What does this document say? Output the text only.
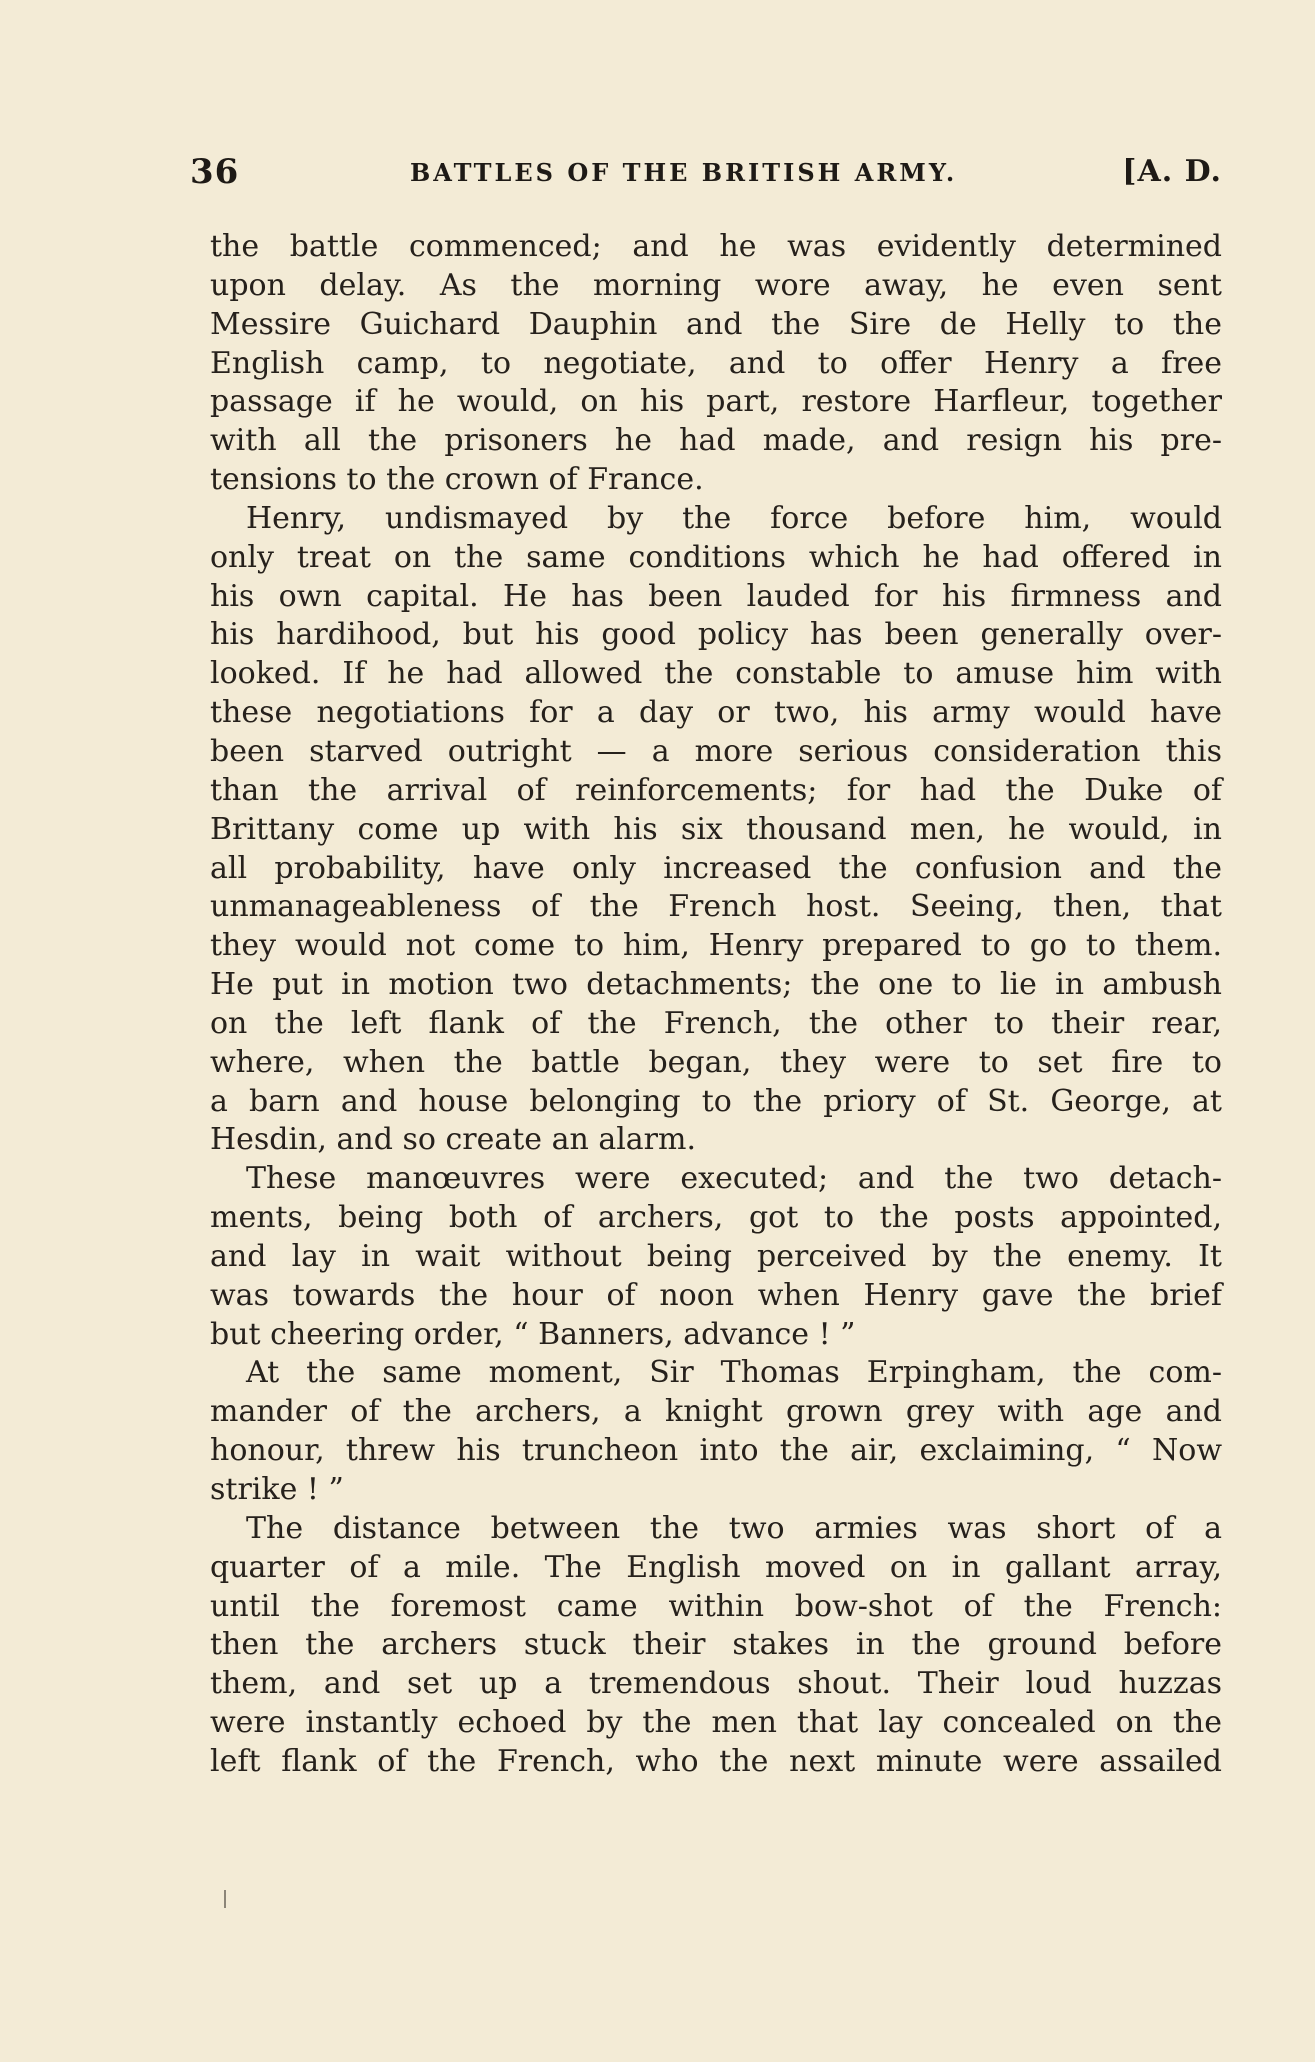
36	BATTLES OF THE BRITISH ARMY.	[A. D.
the battle commenced; and he was evidently determined
upon delay. As the morning wore away, he even sent
Messire Guichard Dauphin and the Sire de Helly to the
English camp, to negotiate, and to offer Henry a free
passage if he would, on his part, restore Harfleur, together
with all the prisoners he had made, and resign his pre-
tensions to the crown of France.
Henry, undismayed by the force before him, would
only treat on the same conditions which he had offered in
his own capital. He has been lauded for his firmness and
his hardihood, but his good policy has been generally over-
looked. If he had allowed the constable to amuse him with
these negotiations for a day or two, his army would have
been starved outright — a more serious consideration this
than the arrival of reinforcements; for had the Duke of
Brittany come up with his six thousand men, he would, in
all probability, have only increased the confusion and the
unmanageableness of the French host. Seeing, then, that
they would not come to him, Henry prepared to go to them.
He put in motion two detachments; the one to lie in ambush
on the left flank of the French, the other to their rear,
where, when the battle began, they were to set fire to
a barn and house belonging to the priory of St. George, at
Hesdin, and so create an alarm.
These manœuvres were executed; and the two detach-
ments, being both of archers, got to the posts appointed,
and lay in wait without being perceived by the enemy. It
was towards the hour of noon when Henry gave the brief
but cheering order, “ Banners, advance ! ”
At the same moment, Sir Thomas Erpingham, the com-
mander of the archers, a knight grown grey with age and
honour, threw his truncheon into the air, exclaiming, “ Now
strike ! ”
The distance between the two armies was short of a
quarter of a mile. The English moved on in gallant array,
until the foremost came within bow-shot of the French:
then the archers stuck their stakes in the ground before
them, and set up a tremendous shout. Their loud huzzas
were instantly echoed by the men that lay concealed on the
left flank of the French, who the next minute were assailed
